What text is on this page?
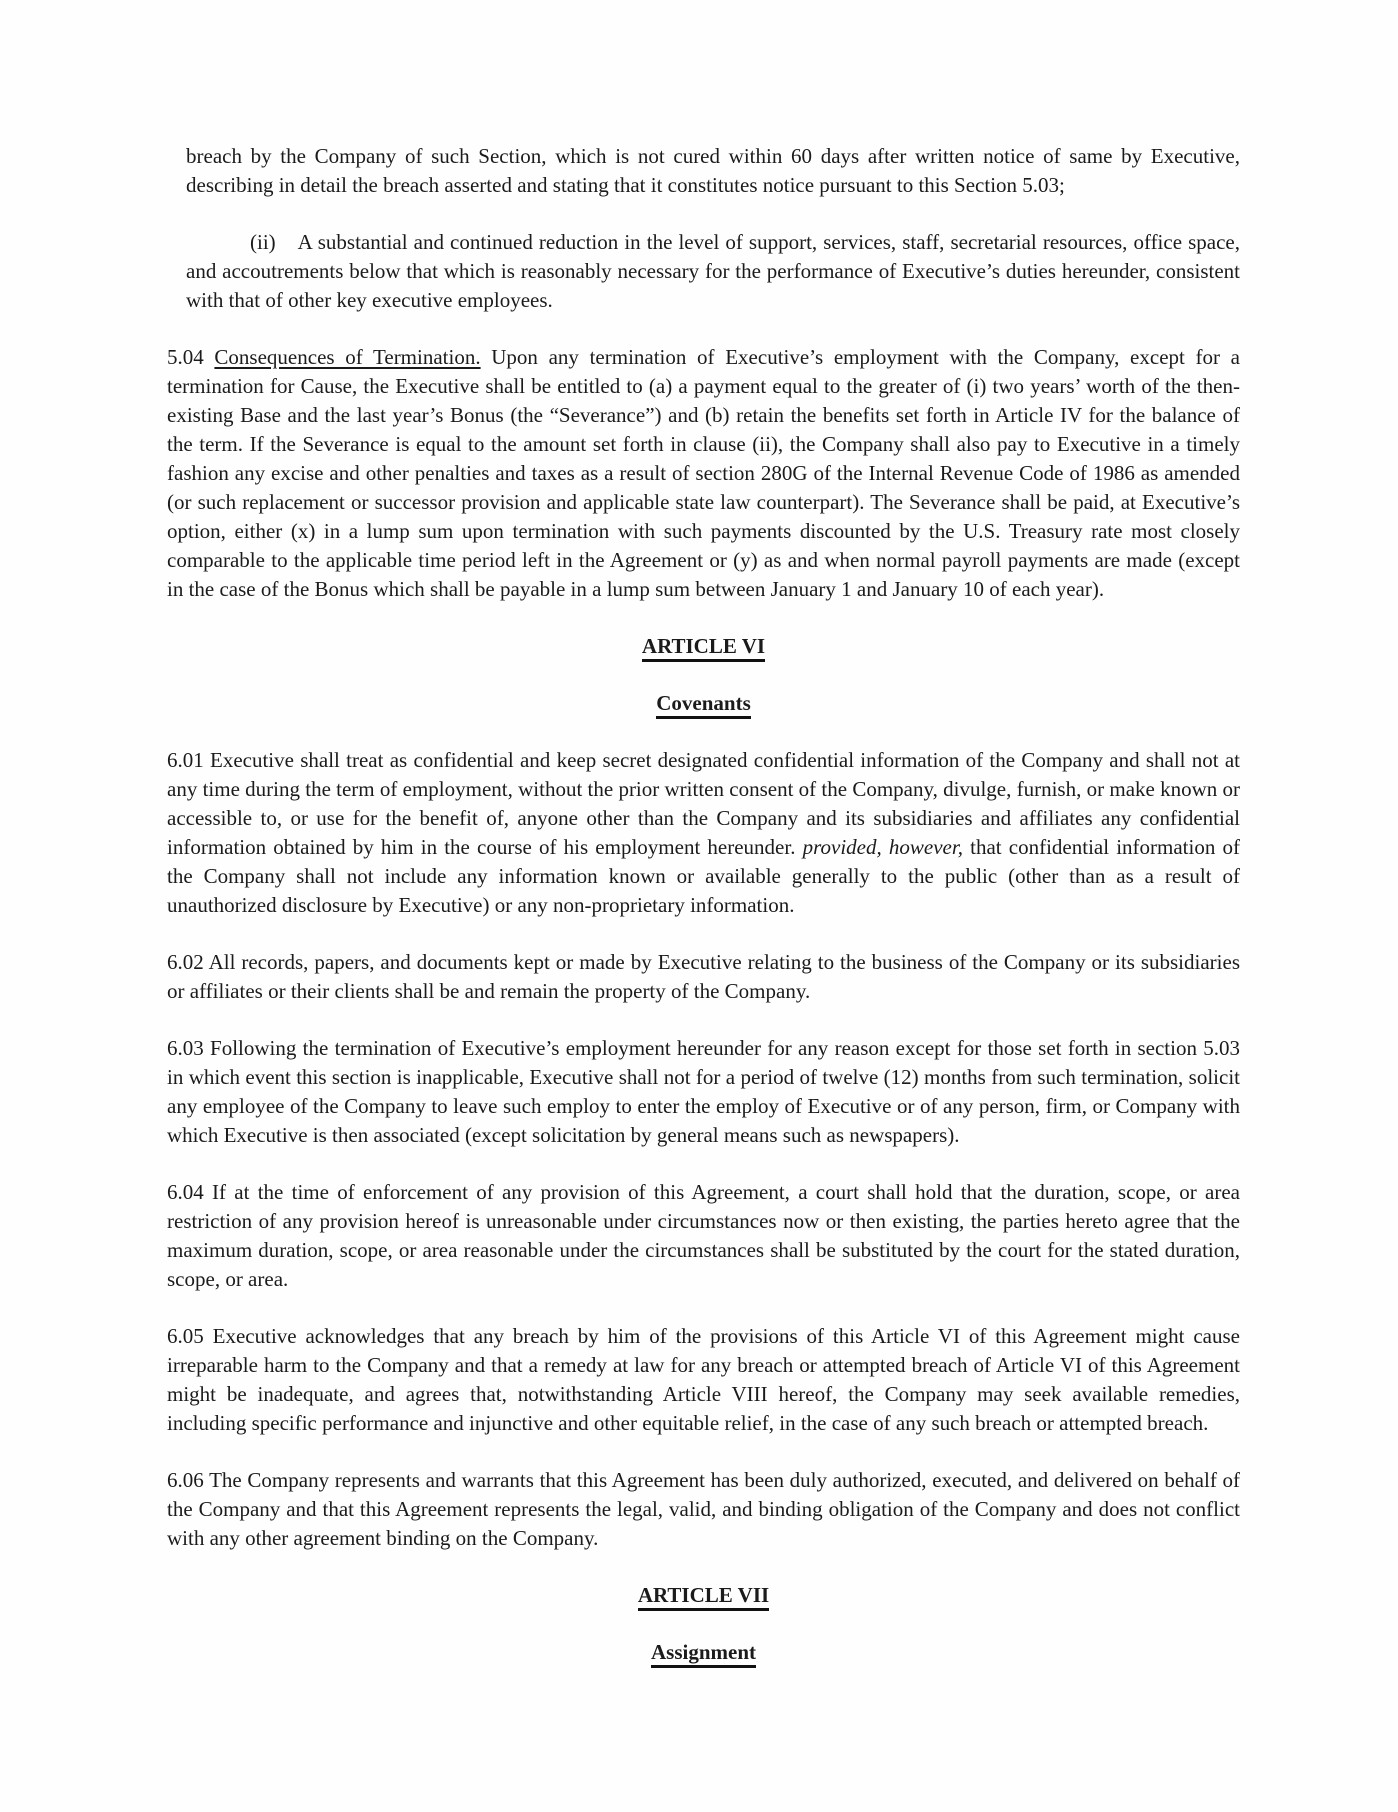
breach by the Company of such Section, which is not cured within 60 days after written notice of same by Executive, describing in detail the breach asserted and stating that it constitutes notice pursuant to this Section 5.03;

(ii) A substantial and continued reduction in the level of support, services, staff, secretarial resources, office space, and accoutrements below that which is reasonably necessary for the performance of Executive’s duties hereunder, consistent with that of other key executive employees.

5.04 Consequences of Termination. Upon any termination of Executive’s employment with the Company, except for a termination for Cause, the Executive shall be entitled to (a) a payment equal to the greater of (i) two years’ worth of the then-existing Base and the last year’s Bonus (the “Severance”) and (b) retain the benefits set forth in Article IV for the balance of the term. If the Severance is equal to the amount set forth in clause (ii), the Company shall also pay to Executive in a timely fashion any excise and other penalties and taxes as a result of section 280G of the Internal Revenue Code of 1986 as amended (or such replacement or successor provision and applicable state law counterpart). The Severance shall be paid, at Executive’s option, either (x) in a lump sum upon termination with such payments discounted by the U.S. Treasury rate most closely comparable to the applicable time period left in the Agreement or (y) as and when normal payroll payments are made (except in the case of the Bonus which shall be payable in a lump sum between January 1 and January 10 of each year).

ARTICLE VI
Covenants

6.01 Executive shall treat as confidential and keep secret designated confidential information of the Company and shall not at any time during the term of employment, without the prior written consent of the Company, divulge, furnish, or make known or accessible to, or use for the benefit of, anyone other than the Company and its subsidiaries and affiliates any confidential information obtained by him in the course of his employment hereunder. provided, however, that confidential information of the Company shall not include any information known or available generally to the public (other than as a result of unauthorized disclosure by Executive) or any non-proprietary information.

6.02 All records, papers, and documents kept or made by Executive relating to the business of the Company or its subsidiaries or affiliates or their clients shall be and remain the property of the Company.

6.03 Following the termination of Executive’s employment hereunder for any reason except for those set forth in section 5.03 in which event this section is inapplicable, Executive shall not for a period of twelve (12) months from such termination, solicit any employee of the Company to leave such employ to enter the employ of Executive or of any person, firm, or Company with which Executive is then associated (except solicitation by general means such as newspapers).

6.04 If at the time of enforcement of any provision of this Agreement, a court shall hold that the duration, scope, or area restriction of any provision hereof is unreasonable under circumstances now or then existing, the parties hereto agree that the maximum duration, scope, or area reasonable under the circumstances shall be substituted by the court for the stated duration, scope, or area.

6.05 Executive acknowledges that any breach by him of the provisions of this Article VI of this Agreement might cause irreparable harm to the Company and that a remedy at law for any breach or attempted breach of Article VI of this Agreement might be inadequate, and agrees that, notwithstanding Article VIII hereof, the Company may seek available remedies, including specific performance and injunctive and other equitable relief, in the case of any such breach or attempted breach.

6.06 The Company represents and warrants that this Agreement has been duly authorized, executed, and delivered on behalf of the Company and that this Agreement represents the legal, valid, and binding obligation of the Company and does not conflict with any other agreement binding on the Company.

ARTICLE VII
Assignment
